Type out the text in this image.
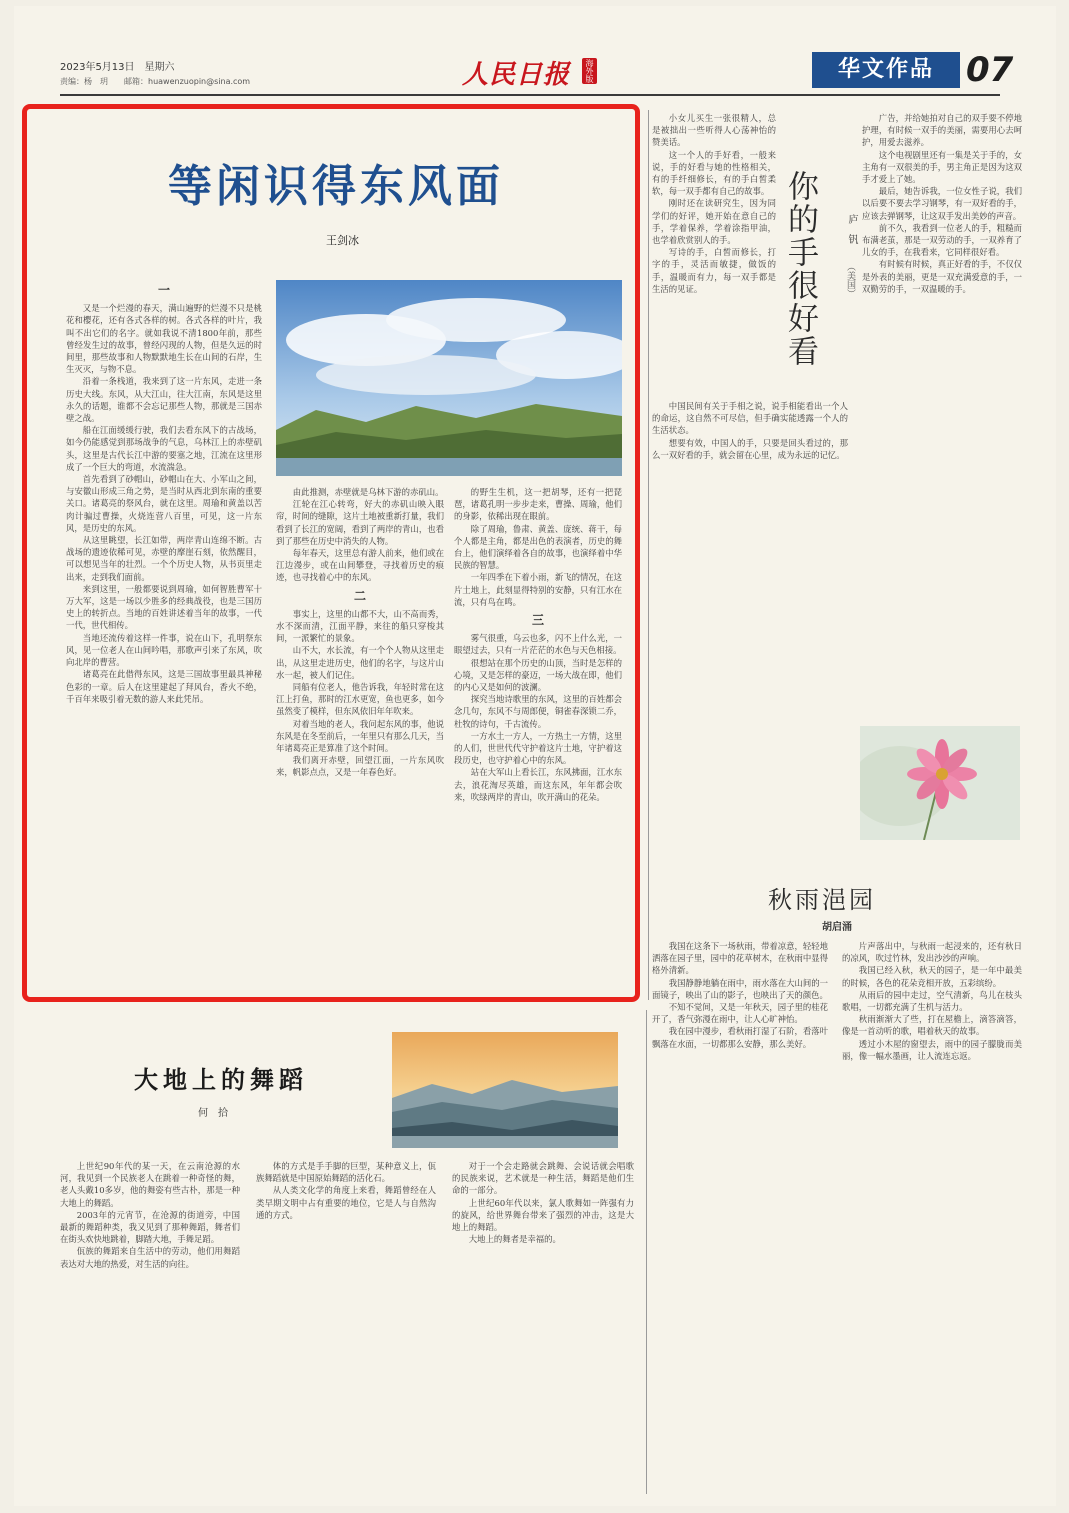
2023年5月13日　星期六
责编：杨　玥　　邮箱：huawenzuopin@sina.com	人民日报	海外版	华文作品 07
等闲识得东风面
王剑冰
一

又是一个烂漫的春天，满山遍野的烂漫不只是桃花和樱花，还有各式各样的树。各式各样的叶片，我叫不出它们的名字。就如我说不清1800年前，那些曾经发生过的故事，曾经闪现的人物，但是久远的时间里，那些故事和人物默默地生长在山间的石岸，生生灭灭，与物不息。

沿着一条栈道，我来到了这一片东风，走进一条历史大线。东风，从大江山，往大江南，东风是这里永久的话题，谁都不会忘记那些人物，那就是三国赤壁之战。

船在江面缓缓行驶，我们去看东风下的古战场，如今仍能感觉到那场战争的气息，乌林江上的赤壁矶头，这里是古代长江中游的要塞之地，江流在这里形成了一个巨大的弯道，水流湍急。

首先看到了砂帽山，砂帽山在大、小军山之间，与安徽山形成三角之势，是当时从西北到东南的重要关口。诸葛亮的祭风台，就在这里。周瑜和黄盖以苦肉计骗过曹操，火烧连营八百里，可见，这一片东风，是历史的东风。

从这里眺望，长江如带，两岸青山连绵不断。古战场的遗迹依稀可见，赤壁的摩崖石刻，依然醒目，可以想见当年的壮烈。一个个历史人物，从书页里走出来，走到我们面前。

来到这里，一般都要说到周瑜，如何智胜曹军十万大军，这是一场以少胜多的经典战役，也是三国历史上的转折点。当地的百姓讲述着当年的故事，一代一代，世代相传。

当地还流传着这样一件事，说在山下，孔明祭东风，见一位老人在山间吟唱，那歌声引来了东风，吹向北岸的曹营。

诸葛亮在此借得东风，这是三国故事里最具神秘色彩的一章。后人在这里建起了拜风台，香火不绝，千百年来吸引着无数的游人来此凭吊。

由此推测，赤壁就是乌林下游的赤矶山。

江轮在江心转弯，好大的赤矶山映入眼帘，时间的缝隙，这片土地被重新打量，我们看到了长江的宽阔，看到了两岸的青山，也看到了那些在历史中消失的人物。

每年春天，这里总有游人前来，他们或在江边漫步，或在山间攀登，寻找着历史的痕迹，也寻找着心中的东风。

二

事实上，这里的山都不大，山不高而秀，水不深而清，江面平静，来往的船只穿梭其间，一派繁忙的景象。

山不大，水长流，有一个个人物从这里走出，从这里走进历史，他们的名字，与这片山水一起，被人们记住。

同船有位老人，他告诉我，年轻时常在这江上打鱼，那时的江水更宽，鱼也更多，如今虽然变了模样，但东风依旧年年吹来。

对着当地的老人，我问起东风的事，他说东风是在冬至前后，一年里只有那么几天，当年诸葛亮正是算准了这个时间。

我们离开赤壁，回望江面，一片东风吹来，帆影点点，又是一年春色好。

的野生生机，这一把胡琴，还有一把琵琶，诸葛孔明一步步走来，曹操、周瑜，他们的身影，依稀出现在眼前。

除了周瑜，鲁肃、黄盖、庞统、蒋干，每个人都是主角，都是出色的表演者，历史的舞台上，他们演绎着各自的故事，也演绎着中华民族的智慧。

一年四季在下着小雨，新飞的情况，在这片土地上，此刻显得特别的安静，只有江水在流，只有鸟在鸣。

三

雾气很重，乌云也多，闪不上什么光，一眼望过去，只有一片茫茫的水色与天色相接。

很想站在那个历史的山顶，当时是怎样的心境，又是怎样的豪迈，一场大战在即，他们的内心又是如何的波澜。

探究当地诗歌里的东风，这里的百姓都会念几句，东风不与周郎便，铜雀春深锁二乔，杜牧的诗句，千古流传。

一方水土一方人，一方热土一方情，这里的人们，世世代代守护着这片土地，守护着这段历史，也守护着心中的东风。

站在大军山上看长江，东风拂面，江水东去，浪花淘尽英雄，而这东风，年年都会吹来，吹绿两岸的青山，吹开满山的花朵。

小女儿买生一张很精人，总是被拙出一些听得人心荡神怡的赞美话。

这一个人的手好看，一般来说，手的好看与她的性格相关，有的手纤细修长，有的手白皙柔软，每一双手都有自己的故事。

刚时还在读研究生，因为同学们的好评，她开始在意自己的手，学着保养，学着涂指甲油，也学着欣赏别人的手。

写诗的手，白皙而修长，打字的手，灵活而敏捷，做饭的手，温暖而有力，每一双手都是生活的见证。	你的手很好看	庐　钒
（美国）

中国民间有关于手相之说，说手相能看出一个人的命运，这自然不可尽信，但手确实能透露一个人的生活状态。

想要有效，中国人的手，只要是回头看过的，那么一双好看的手，就会留在心里，成为永远的记忆。

广告，并给她拍对自己的双手要不停地护理，有时候一双手的美丽，需要用心去呵护，用爱去滋养。

这个电视剧里还有一集是关于手的，女主角有一双很美的手，男主角正是因为这双手才爱上了她。

最后，她告诉我，一位女性子说，我们以后要不要去学习钢琴，有一双好看的手，应该去弹钢琴，让这双手发出美妙的声音。

前不久，我看到一位老人的手，粗糙而布满老茧，那是一双劳动的手，一双养育了儿女的手，在我看来，它同样很好看。

有时候有时候，真正好看的手，不仅仅是外表的美丽，更是一双充满爱意的手，一双勤劳的手，一双温暖的手。

秋雨浥园
胡启涌

我国在这条下一场秋雨，带着凉意，轻轻地洒落在园子里，园中的花草树木，在秋雨中显得格外清新。

我国静静地躺在雨中，雨水落在大山间的一面镜子，映出了山的影子，也映出了天的颜色。

不知不觉间，又是一年秋天，园子里的桂花开了，香气弥漫在雨中，让人心旷神怡。

我在园中漫步，看秋雨打湿了石阶，看落叶飘落在水面，一切都那么安静，那么美好。

片声落出中，与秋雨一起浸来的，还有秋日的凉风，吹过竹林，发出沙沙的声响。

我国已经入秋，秋天的园子，是一年中最美的时候，各色的花朵竞相开放，五彩缤纷。

从雨后的园中走过，空气清新，鸟儿在枝头歌唱，一切都充满了生机与活力。

秋雨渐渐大了些，打在屋檐上，滴答滴答，像是一首动听的歌，唱着秋天的故事。

透过小木屋的窗望去，雨中的园子朦胧而美丽，像一幅水墨画，让人流连忘返。

大地上的舞蹈
何　拾

上世纪90年代的某一天，在云南沧源的水河，我见到一个民族老人在跳着一种奇怪的舞，老人头戴10多岁，他的舞姿有些古朴，那是一种大地上的舞蹈。

2003年的元宵节，在沧源的街道旁，中国最新的舞蹈种类，我又见到了那种舞蹈，舞者们在街头欢快地跳着，脚踏大地，手舞足蹈。

佤族的舞蹈来自生活中的劳动，他们用舞蹈表达对大地的热爱，对生活的向往。

体的方式是手手脚的巨型，某种意义上，佤族舞蹈就是中国原始舞蹈的活化石。

从人类文化学的角度上来看，舞蹈曾经在人类早期文明中占有重要的地位，它是人与自然沟通的方式。

对于一个会走路就会跳舞、会说话就会唱歌的民族来说，艺术就是一种生活，舞蹈是他们生命的一部分。

上世纪60年代以来，氯人歌舞如一阵强有力的旋风，给世界舞台带来了强烈的冲击，这是大地上的舞蹈。

大地上的舞者是幸福的。
